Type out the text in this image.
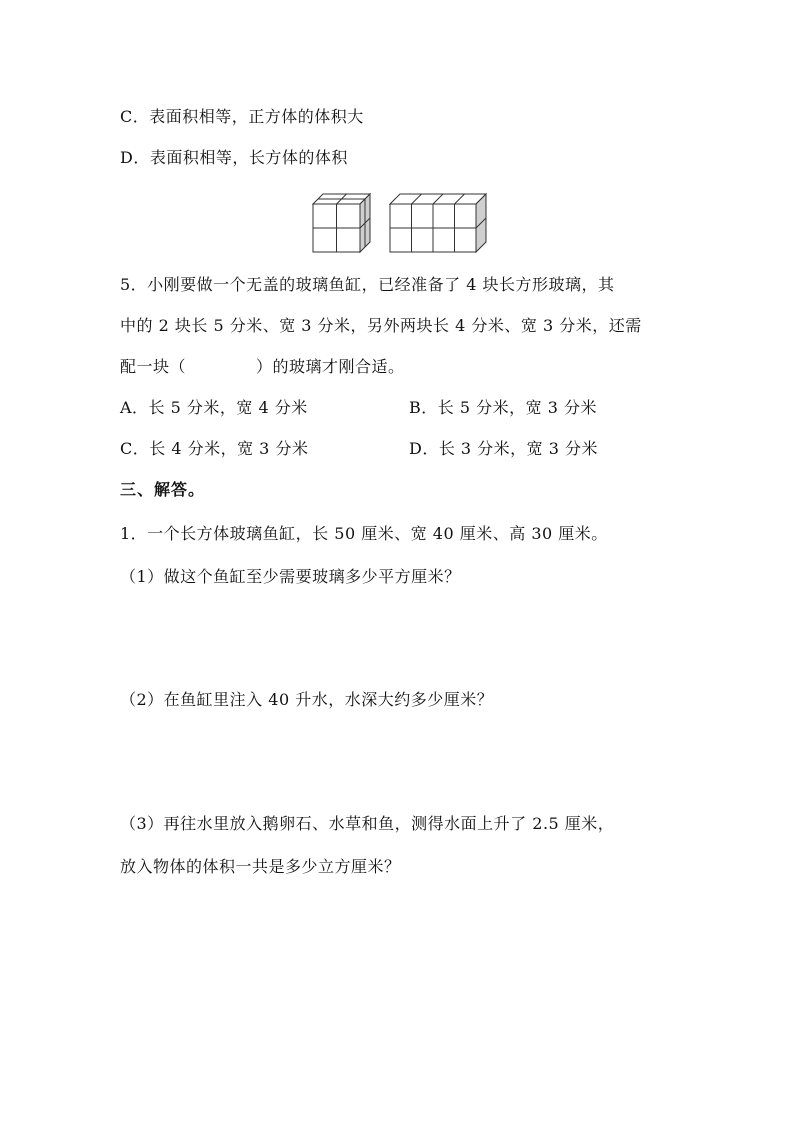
C．表面积相等，正方体的体积大
D．表面积相等，长方体的体积
5．小刚要做一个无盖的玻璃鱼缸，已经准备了 4 块长方形玻璃，其
中的 2 块长 5 分米、宽 3 分米，另外两块长 4 分米、宽 3 分米，还需
配一块（	）的玻璃才刚合适。
A．长 5 分米，宽 4 分米	B．长 5 分米，宽 3 分米
C．长 4 分米，宽 3 分米	D．长 3 分米，宽 3 分米
三、解答。
1．一个长方体玻璃鱼缸，长 50 厘米、宽 40 厘米、高 30 厘米。
（1）做这个鱼缸至少需要玻璃多少平方厘米？
（2）在鱼缸里注入 40 升水，水深大约多少厘米？
（3）再往水里放入鹅卵石、水草和鱼，测得水面上升了 2.5 厘米，
放入物体的体积一共是多少立方厘米？
